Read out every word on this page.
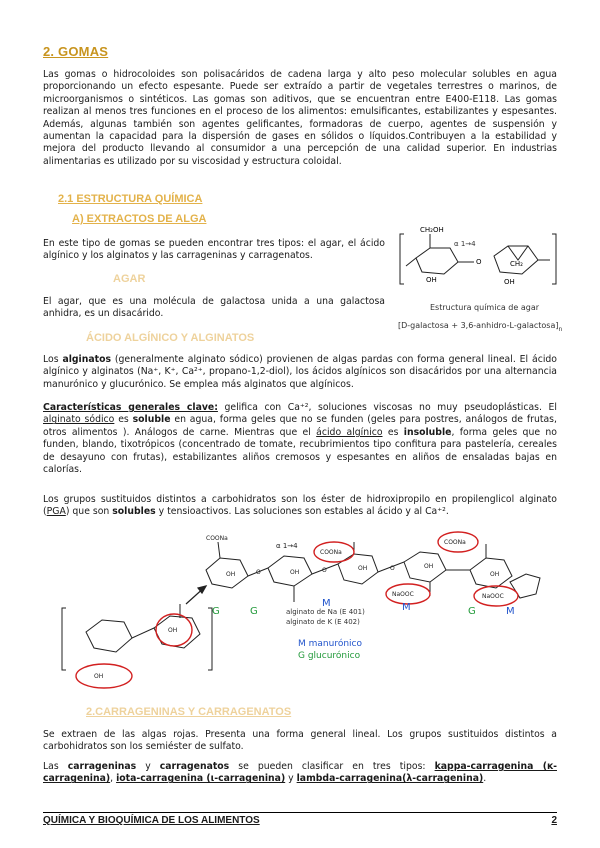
2. GOMAS
Las gomas o hidrocoloides son polisacáridos de cadena larga y alto peso molecular solubles en agua proporcionando un efecto espesante. Puede ser extraído a partir de vegetales terrestres o marinos, de microorganismos o sintéticos. Las gomas son aditivos, que se encuentran entre E400-E118. Las gomas realizan al menos tres funciones en el proceso de los alimentos: emulsificantes, estabilizantes y espesantes. Además, algunas también son agentes gelificantes, formadoras de cuerpo, agentes de suspensión y aumentan la capacidad para la dispersión de gases en sólidos o líquidos.Contribuyen a la estabilidad y mejora del producto llevando al consumidor a una percepción de una calidad superior. En industrias alimentarias es utilizado por su viscosidad y estructura coloidal.
2.1 ESTRUCTURA QUÍMICA
A) EXTRACTOS DE ALGA
En este tipo de gomas se pueden encontrar tres tipos: el agar, el ácido algínico y los alginatos y las carrageninas y carragenatos.
AGAR
El agar, que es una molécula de galactosa unida a una galactosa anhidra, es un disacárido.
ÁCIDO ALGÍNICO Y ALGINATOS
CH₂OH
α 1→4
O	CH₂
OH	OH
Estructura química de agar
[D-galactosa + $3,6-anhidro-L-galactosa]_n$
Los alginatos (generalmente alginato sódico) provienen de algas pardas con forma general lineal. El ácido algínico y alginatos (Na⁺, K⁺, Ca²⁺, propano-1,2-diol), los ácidos algínicos son disacáridos por una alternancia manurónico y glucurónico. Se emplea más alginatos que algínicos.
Características generales clave: gelifica con Ca⁺², soluciones viscosas no muy pseudoplásticas. El alginato sódico es soluble en agua, forma geles que no se funden (geles para postres, análogos de frutas, otros alimentos ). Análogos de carne. Mientras que el ácido algínico es insoluble, forma geles que no funden, blando, tixotrópicos (concentrado de tomate, recubrimientos tipo confitura para pastelería, cereales de desayuno con frutas), estabilizantes aliños cremosos y espesantes en aliños de ensaladas bajas en calorías.
Los grupos sustituidos distintos a carbohidratos son los éster de hidroxipropilo en propilenglicol alginato (PGA) que son solubles y tensioactivos. Las soluciones son estables al ácido y al Ca⁺².
COONa
α 1→4
COONa
NaOOC
COONa
NaOOC
OH	OH
OH	OH
OH
OH
OH
O	O	O
G	G
M	M	G	M
alginato de Na (E 401)
alginato de K (E 402)
M manurónico
G glucurónico
2.CARRAGENINAS Y CARRAGENATOS
Se extraen de las algas rojas. Presenta una forma general lineal. Los grupos sustituidos distintos a carbohidratos son los semiéster de sulfato.
Las carrageninas y carragenatos se pueden clasificar en tres tipos: kappa-carragenina (ĸ-carragenina), iota-carragenina (ι-carragenina) y lambda-carragenina(λ-carragenina).
QUÍMICA Y BIOQUÍMICA DE LOS ALIMENTOS	2
